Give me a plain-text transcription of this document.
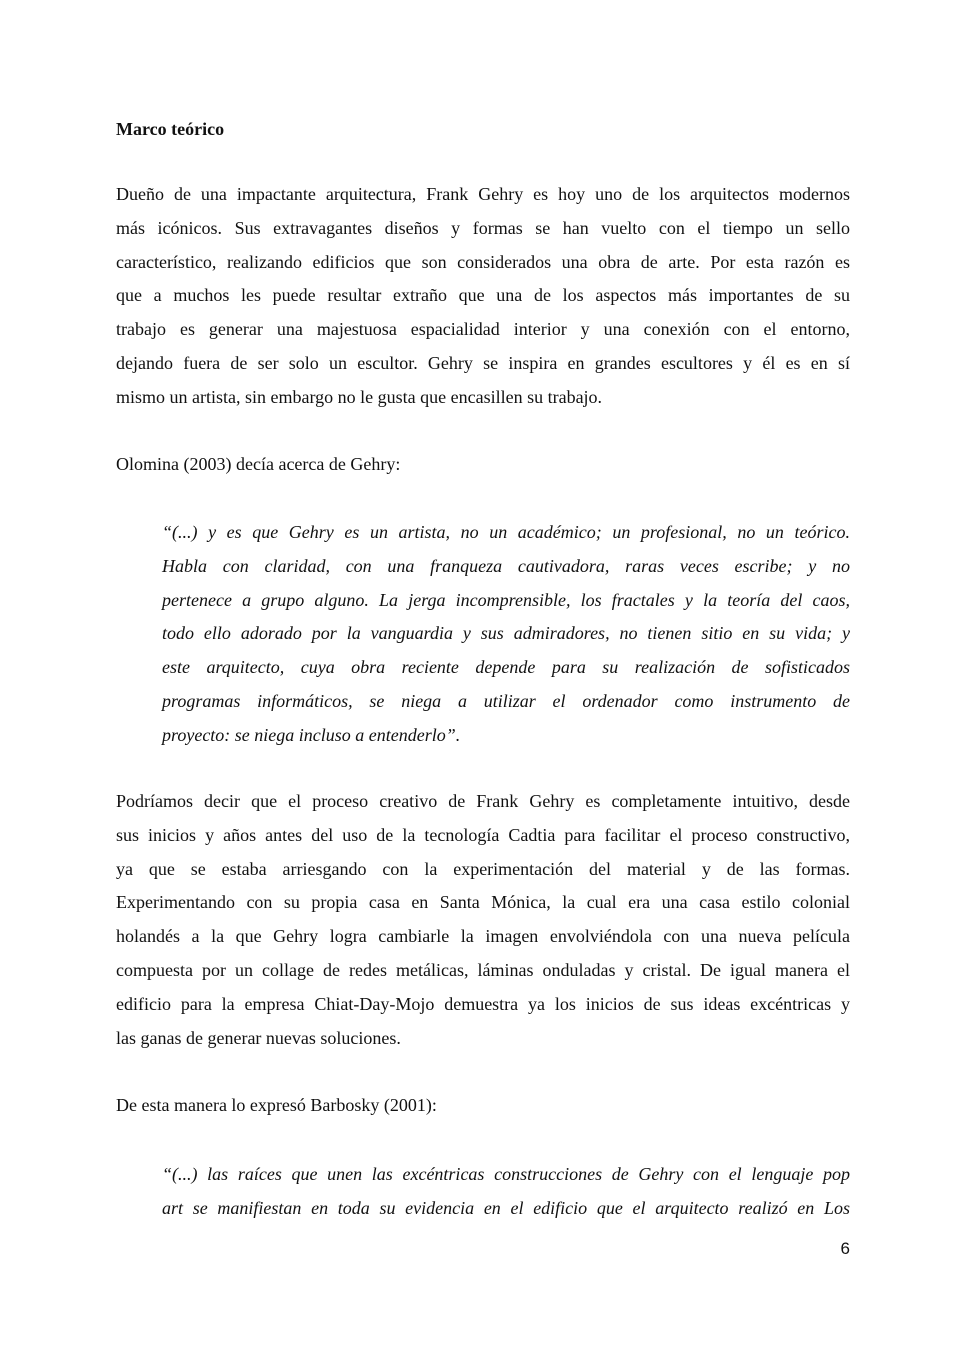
Marco teórico

Dueño de una impactante arquitectura, Frank Gehry es hoy uno de los arquitectos modernos
más icónicos. Sus extravagantes diseños y formas se han vuelto con el tiempo un sello
característico, realizando edificios que son considerados una obra de arte. Por esta razón es
que a muchos les puede resultar extraño que una de los aspectos más importantes de su
trabajo es generar una majestuosa espacialidad interior y una conexión con el entorno,
dejando fuera de ser solo un escultor. Gehry se inspira en grandes escultores y él es en sí
mismo un artista, sin embargo no le gusta que encasillen su trabajo.

Olomina (2003) decía acerca de Gehry:

“(...) y es que Gehry es un artista, no un académico; un profesional, no un teórico.
Habla con claridad, con una franqueza cautivadora, raras veces escribe; y no
pertenece a grupo alguno. La jerga incomprensible, los fractales y la teoría del caos,
todo ello adorado por la vanguardia y sus admiradores, no tienen sitio en su vida; y
este arquitecto, cuya obra reciente depende para su realización de sofisticados
programas informáticos, se niega a utilizar el ordenador como instrumento de
proyecto: se niega incluso a entenderlo”.

Podríamos decir que el proceso creativo de Frank Gehry es completamente intuitivo, desde
sus inicios y años antes del uso de la tecnología Cadtia para facilitar el proceso constructivo,
ya que se estaba arriesgando con la experimentación del material y de las formas.
Experimentando con su propia casa en Santa Mónica, la cual era una casa estilo colonial
holandés a la que Gehry logra cambiarle la imagen envolviéndola con una nueva película
compuesta por un collage de redes metálicas, láminas onduladas y cristal. De igual manera el
edificio para la empresa Chiat-Day-Mojo demuestra ya los inicios de sus ideas excéntricas y
las ganas de generar nuevas soluciones.

De esta manera lo expresó Barbosky (2001):

“(...) las raíces que unen las excéntricas construcciones de Gehry con el lenguaje pop
art se manifiestan en toda su evidencia en el edificio que el arquitecto realizó en Los

6
